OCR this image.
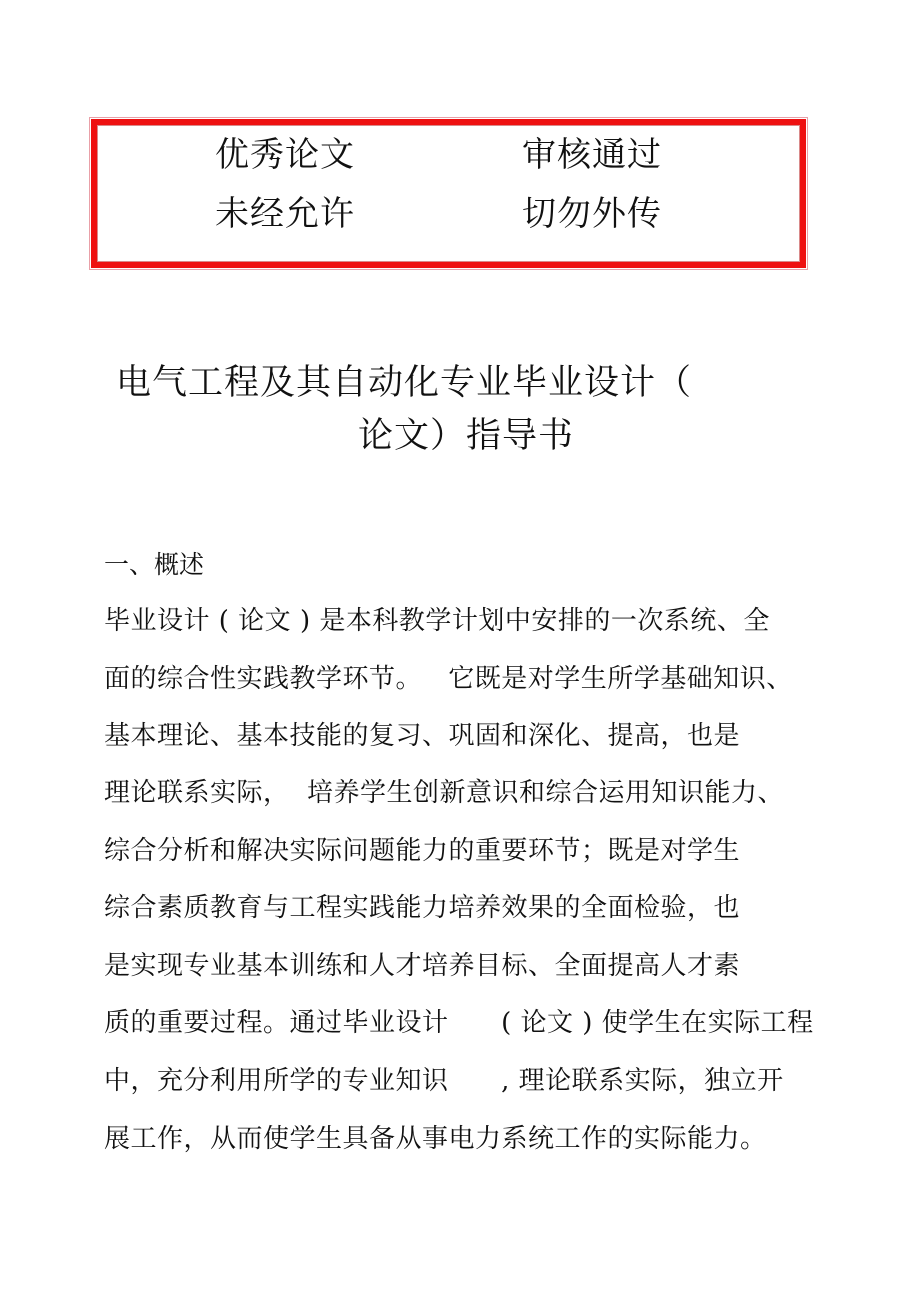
优秀论文	审核通过
未经允许	切勿外传
电气工程及其自动化专业毕业设计（
论文）指导书
一、概述
毕业设计 ( 论文 ) 是本科教学计划中安排的一次系统、全
面的综合性实践教学环节。   它既是对学生所学基础知识、
基本理论、基本技能的复习、巩固和深化、提高，也是
理论联系实际，  培养学生创新意识和综合运用知识能力、
综合分析和解决实际问题能力的重要环节；既是对学生
综合素质教育与工程实践能力培养效果的全面检验，也
是实现专业基本训练和人才培养目标、全面提高人才素
质的重要过程。通过毕业设计      ( 论文 ) 使学生在实际工程
中，充分利用所学的专业知识      , 理论联系实际，独立开
展工作，从而使学生具备从事电力系统工作的实际能力。
